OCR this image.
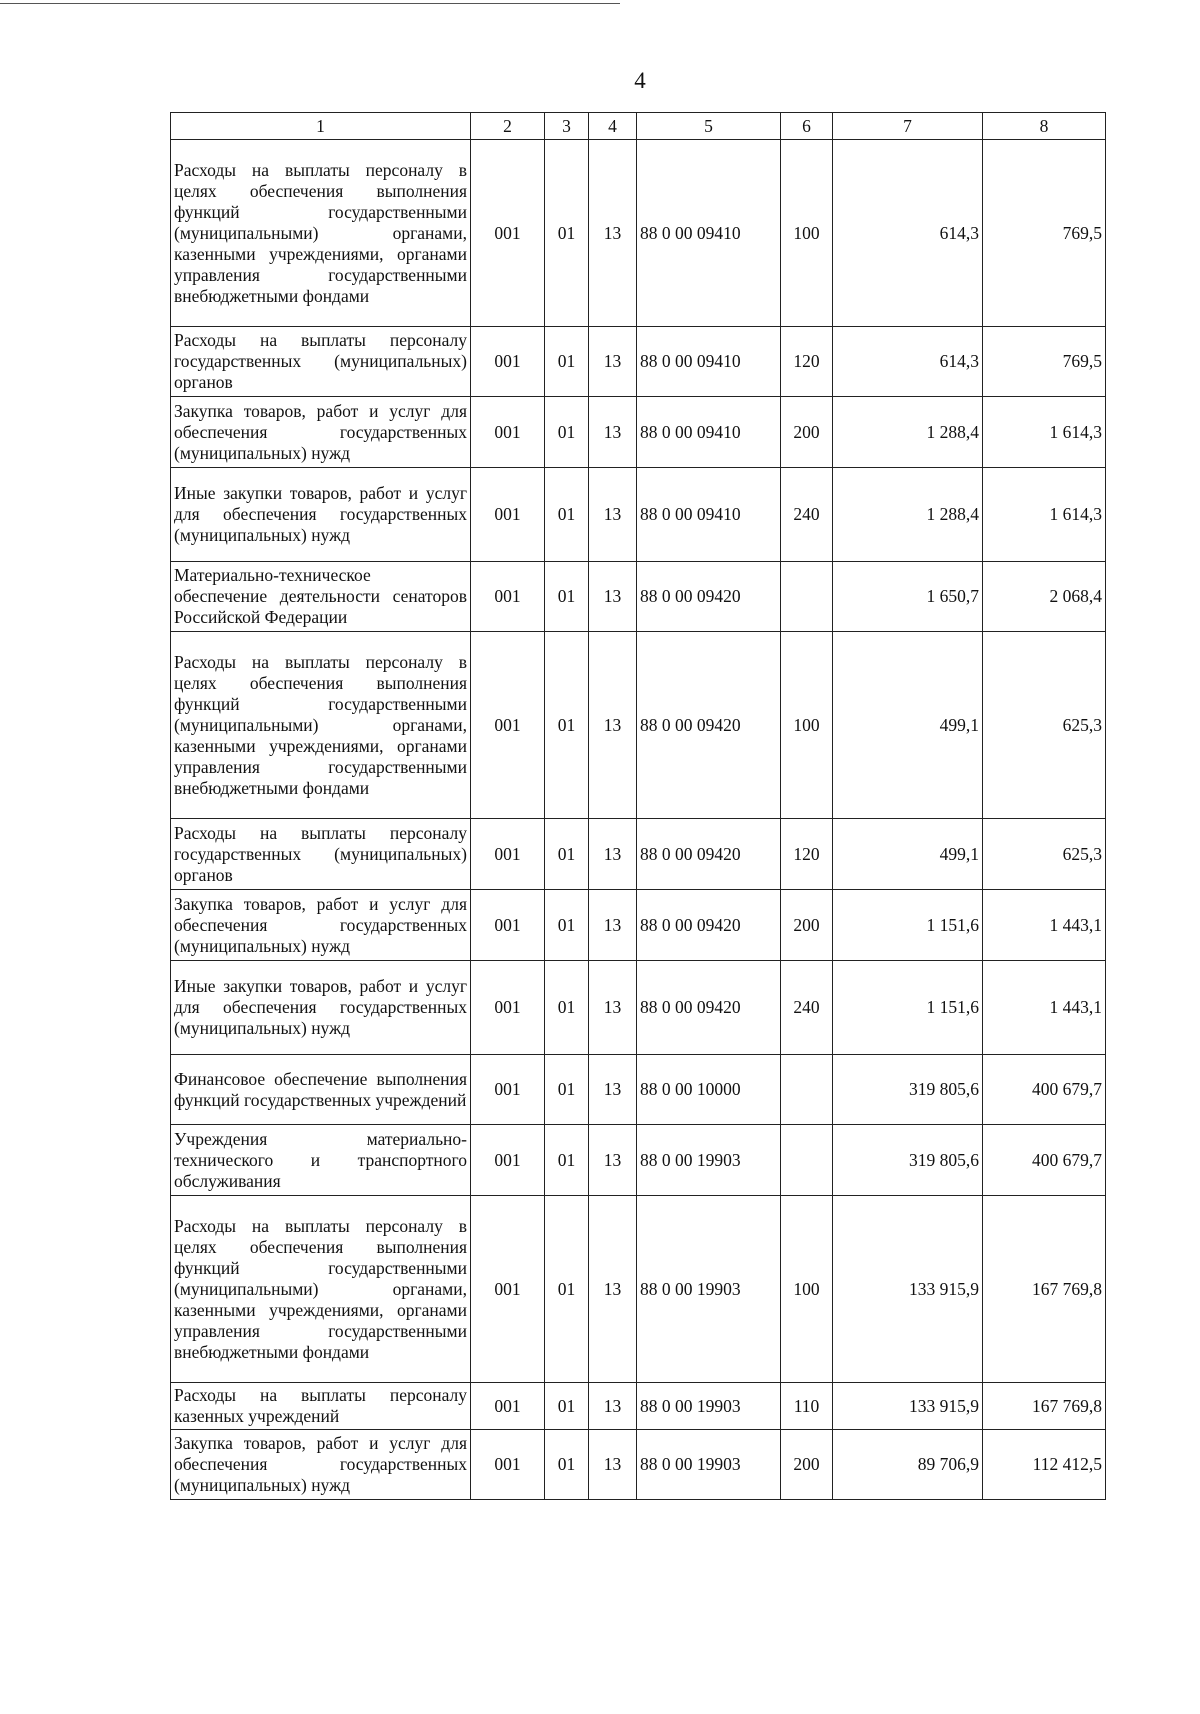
4
1	2	3	4	5	6	7	8
Расходы на выплаты персоналу в целях обеспечения выполнения функций государственными (муниципальными) органами, казенными учреждениями, органами управления государственными внебюджетными фондами	001	01	13	88 0 00 09410	100	614,3	769,5
Расходы на выплаты персоналу государственных (муниципальных) органов	001	01	13	88 0 00 09410	120	614,3	769,5
Закупка товаров, работ и услуг для обеспечения государственных (муниципальных) нужд	001	01	13	88 0 00 09410	200	1 288,4	1 614,3
Иные закупки товаров, работ и услуг для обеспечения государственных (муниципальных) нужд	001	01	13	88 0 00 09410	240	1 288,4	1 614,3
Материально-техническое обеспечение деятельности сенаторов Российской Федерации	001	01	13	88 0 00 09420		1 650,7	2 068,4
Расходы на выплаты персоналу в целях обеспечения выполнения функций государственными (муниципальными) органами, казенными учреждениями, органами управления государственными внебюджетными фондами	001	01	13	88 0 00 09420	100	499,1	625,3
Расходы на выплаты персоналу государственных (муниципальных) органов	001	01	13	88 0 00 09420	120	499,1	625,3
Закупка товаров, работ и услуг для обеспечения государственных (муниципальных) нужд	001	01	13	88 0 00 09420	200	1 151,6	1 443,1
Иные закупки товаров, работ и услуг для обеспечения государственных (муниципальных) нужд	001	01	13	88 0 00 09420	240	1 151,6	1 443,1
Финансовое обеспечение выполнения функций государственных учреждений	001	01	13	88 0 00 10000		319 805,6	400 679,7
Учреждения материально-технического и транспортного обслуживания	001	01	13	88 0 00 19903		319 805,6	400 679,7
Расходы на выплаты персоналу в целях обеспечения выполнения функций государственными (муниципальными) органами, казенными учреждениями, органами управления государственными внебюджетными фондами	001	01	13	88 0 00 19903	100	133 915,9	167 769,8
Расходы на выплаты персоналу казенных учреждений	001	01	13	88 0 00 19903	110	133 915,9	167 769,8
Закупка товаров, работ и услуг для обеспечения государственных (муниципальных) нужд	001	01	13	88 0 00 19903	200	89 706,9	112 412,5
